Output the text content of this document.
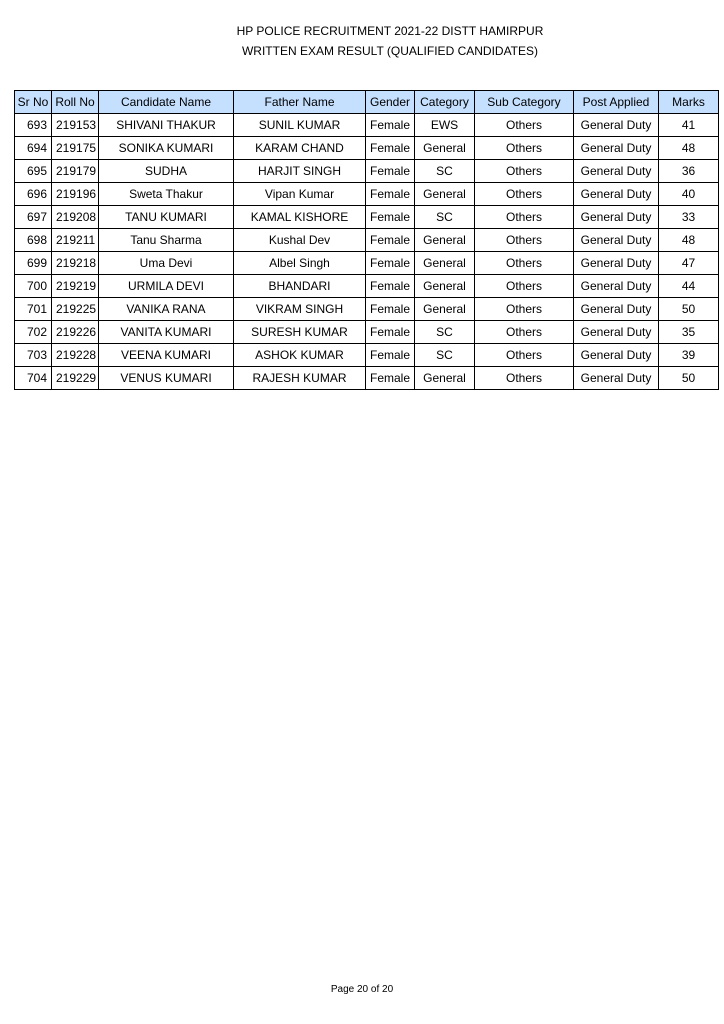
HP POLICE RECRUITMENT 2021-22 DISTT HAMIRPUR
WRITTEN EXAM RESULT (QUALIFIED CANDIDATES)
Sr No	Roll No	Candidate Name	Father Name	Gender	Category	Sub Category	Post Applied	Marks
693	219153	SHIVANI THAKUR	SUNIL KUMAR	Female	EWS	Others	General Duty	41
694	219175	SONIKA KUMARI	KARAM CHAND	Female	General	Others	General Duty	48
695	219179	SUDHA	HARJIT SINGH	Female	SC	Others	General Duty	36
696	219196	Sweta Thakur	Vipan Kumar	Female	General	Others	General Duty	40
697	219208	TANU KUMARI	KAMAL KISHORE	Female	SC	Others	General Duty	33
698	219211	Tanu Sharma	Kushal Dev	Female	General	Others	General Duty	48
699	219218	Uma Devi	Albel Singh	Female	General	Others	General Duty	47
700	219219	URMILA DEVI	BHANDARI	Female	General	Others	General Duty	44
701	219225	VANIKA RANA	VIKRAM SINGH	Female	General	Others	General Duty	50
702	219226	VANITA KUMARI	SURESH KUMAR	Female	SC	Others	General Duty	35
703	219228	VEENA KUMARI	ASHOK KUMAR	Female	SC	Others	General Duty	39
704	219229	VENUS KUMARI	RAJESH KUMAR	Female	General	Others	General Duty	50
Page 20 of 20
